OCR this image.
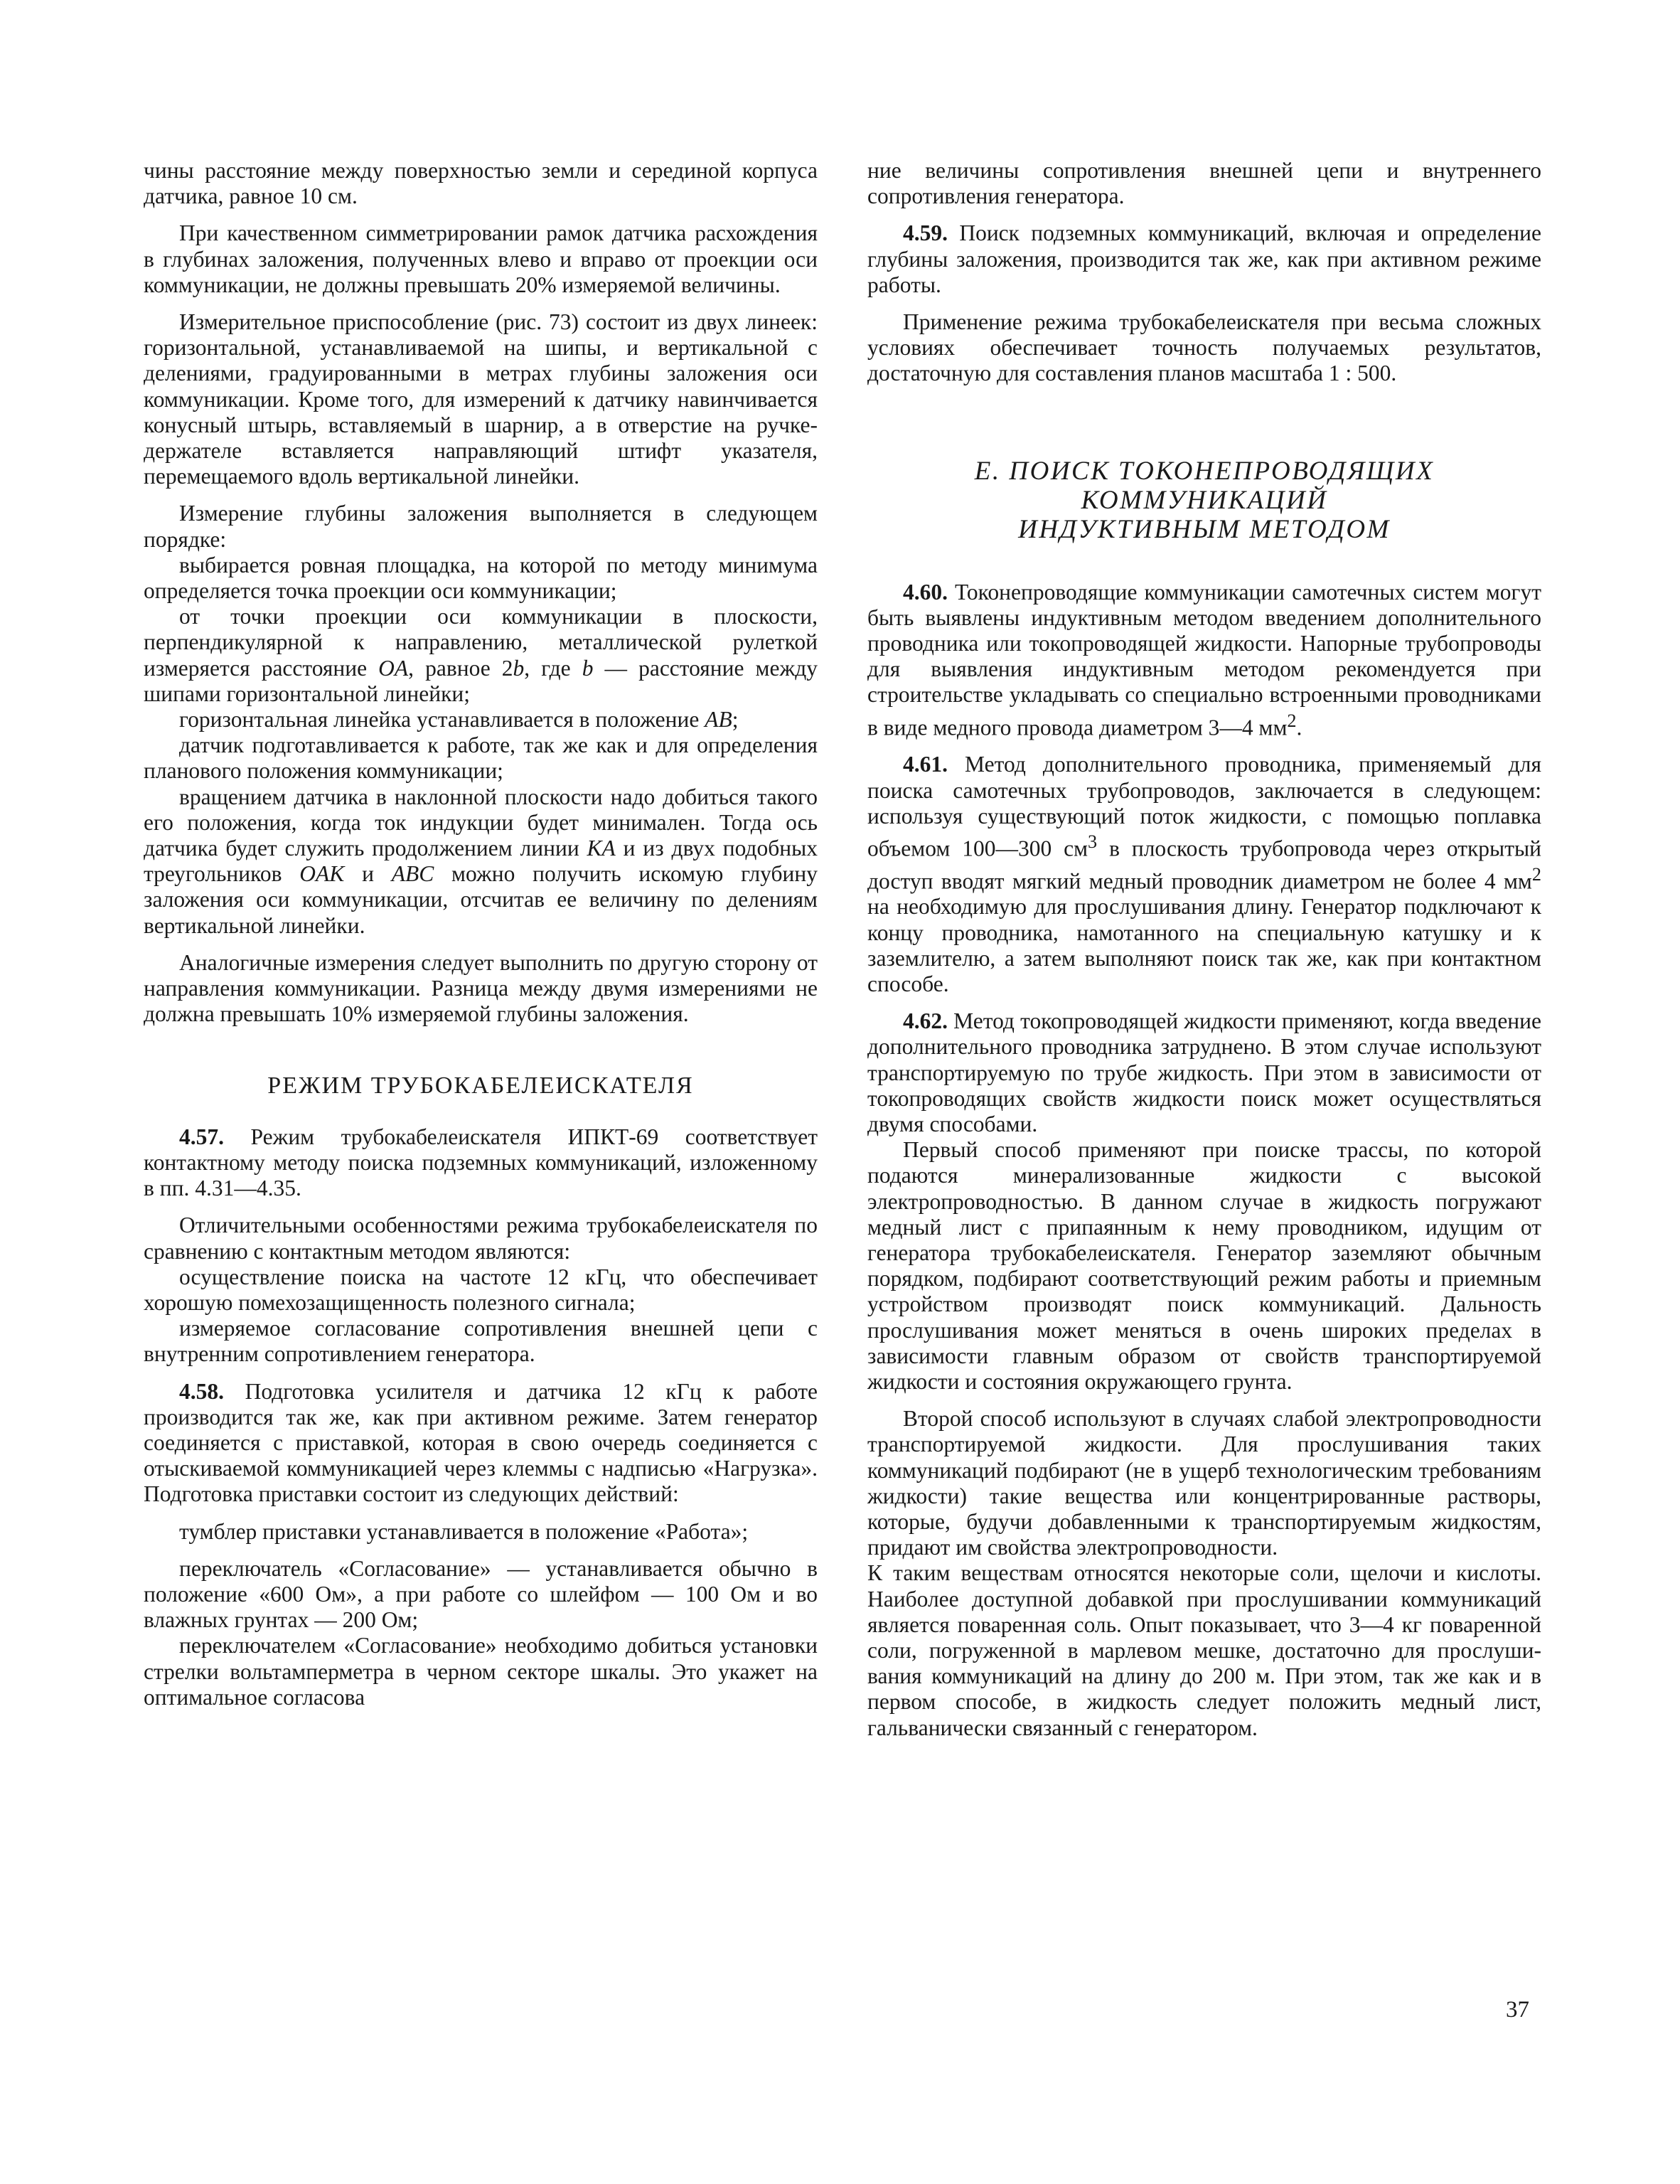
чины расстояние между поверхностью земли и серединой корпуса датчика, равное 10 см.

При качественном симметрировании рамок датчика расхождения в глубинах заложения, полученных влево и вправо от проекции оси коммуникации, не должны превышать 20% измеряемой величины.

Измерительное приспособление (рис. 73) состоит из двух линеек: горизонтальной, устанавливаемой на шипы, и вертикальной с делениями, градуированными в метрах глубины заложения оси коммуникации. Кроме того, для измерений к датчику навинчивается конусный штырь, вставляемый в шарнир, а в отверстие на ручкедержателе вставляется направляющий штифт указателя, перемещаемого вдоль вертикальной линейки.

Измерение глубины заложения выполняется в следующем порядке:

выбирается ровная площадка, на которой по методу минимума определяется точка проекции оси коммуникации;

от точки проекции оси коммуникации в плоскости, перпендикулярной к направлению, металлической рулеткой измеряется расстояние OA, равное 2b, где b — расстояние между шипами горизонтальной линейки;

горизонтальная линейка устанавливается в положение AB;

датчик подготавливается к работе, так же как и для определения планового положения коммуникации;

вращением датчика в наклонной плоскости надо добиться такого его положения, когда ток индукции будет минимален. Тогда ось датчика будет служить продолжением линии KA и из двух подобных треугольников OAK и ABC можно получить искомую глубину заложения оси коммуникации, отсчитав ее величину по делениям вертикальной линейки.

Аналогичные измерения следует выполнить по другую сторону от направления коммуникации. Разница между двумя измерениями не должна превышать 10% измеряемой глубины заложения.

РЕЖИМ ТРУБОКАБЕЛЕИСКАТЕЛЯ

4.57. Режим трубокабелеискателя ИПКТ-69 соответствует контактному методу поиска подземных коммуникаций, изложенному в пп. 4.31—4.35.

Отличительными особенностями режима трубокабелеискателя по сравнению с контактным методом являются:

осуществление поиска на частоте 12 кГц, что обеспечивает хорошую помехозащищенность полезного сигнала;

измеряемое согласование сопротивления внешней цепи с внутренним сопротивлением генератора.

4.58. Подготовка усилителя и датчика 12 кГц к работе производится так же, как при активном режиме. Затем генератор соединяется с приставкой, которая в свою очередь соединяется с отыскиваемой коммуникацией через клеммы с надписью «Нагрузка». Подготовка приставки состоит из следующих действий:

тумблер приставки устанавливается в положение «Работа»;

переключатель «Согласование» — устанавливается обычно в положение «600 Ом», а при работе со шлейфом — 100 Ом и во влажных грунтах — 200 Ом;

переключателем «Согласование» необходимо добиться установки стрелки вольтамперметра в черном секторе шкалы. Это укажет на оптимальное согласова

ние величины сопротивления внешней цепи и внутреннего сопротивления генератора.

4.59. Поиск подземных коммуникаций, включая и определение глубины заложения, производится так же, как при активном режиме работы.

Применение режима трубокабелеискателя при весьма сложных условиях обеспечивает точность получаемых результатов, достаточную для составления планов масштаба 1 : 500.

Е. ПОИСК ТОКОНЕПРОВОДЯЩИХ
КОММУНИКАЦИЙ
ИНДУКТИВНЫМ МЕТОДОМ

4.60. Токонепроводящие коммуникации самотечных систем могут быть выявлены индуктивным методом введением дополнительного проводника или токопроводящей жидкости. Напорные трубопроводы для выявления индуктивным методом рекомендуется при строительстве укладывать со специально встроенными проводниками в виде медного провода диаметром 3—4 $мм^2$.

4.61. Метод дополнительного проводника, применяемый для поиска самотечных трубопроводов, заключается в следующем: используя существующий поток жидкости, с помощью поплавка объемом 100—300 $см^3$ в плоскость трубопровода через открытый доступ вводят мягкий медный проводник диаметром не более 4 $мм^2$ на необходимую для прослушивания длину. Генератор подключают к концу проводника, намотанного на специальную катушку и к заземлителю, а затем выполняют поиск так же, как при контактном способе.

4.62. Метод токопроводящей жидкости применяют, когда введение дополнительного проводника затруднено. В этом случае используют транспортируемую по трубе жидкость. При этом в зависимости от токопроводящих свойств жидкости поиск может осуществляться двумя способами.

Первый способ применяют при поиске трассы, по которой подаются минерализованные жидкости с высокой электропроводностью. В данном случае в жидкость погружают медный лист с припаянным к нему проводником, идущим от генератора трубокабелеискателя. Генератор заземляют обычным порядком, подбирают соответствующий режим работы и приемным устройством производят поиск коммуникаций. Дальность прослушивания может меняться в очень широких пределах в зависимости главным образом от свойств транспортируемой жидкости и состояния окружающего грунта.

Второй способ используют в случаях слабой электропроводности транспортируемой жидкости. Для прослушивания таких коммуникаций подбирают (не в ущерб технологическим требованиям жидкости) такие вещества или концентрированные растворы, которые, будучи добавленными к транспортируемым жидкостям, придают им свойства электропроводности.

К таким веществам относятся некоторые соли, щелочи и кислоты. Наиболее доступной добавкой при прослушивании коммуникаций является поваренная соль. Опыт показывает, что 3—4 кг поваренной соли, погруженной в марлевом мешке, достаточно для прослушивания коммуникаций на длину до 200 м. При этом, так же как и в первом способе, в жидкость следует положить медный лист, гальванически связанный с генератором.

37
